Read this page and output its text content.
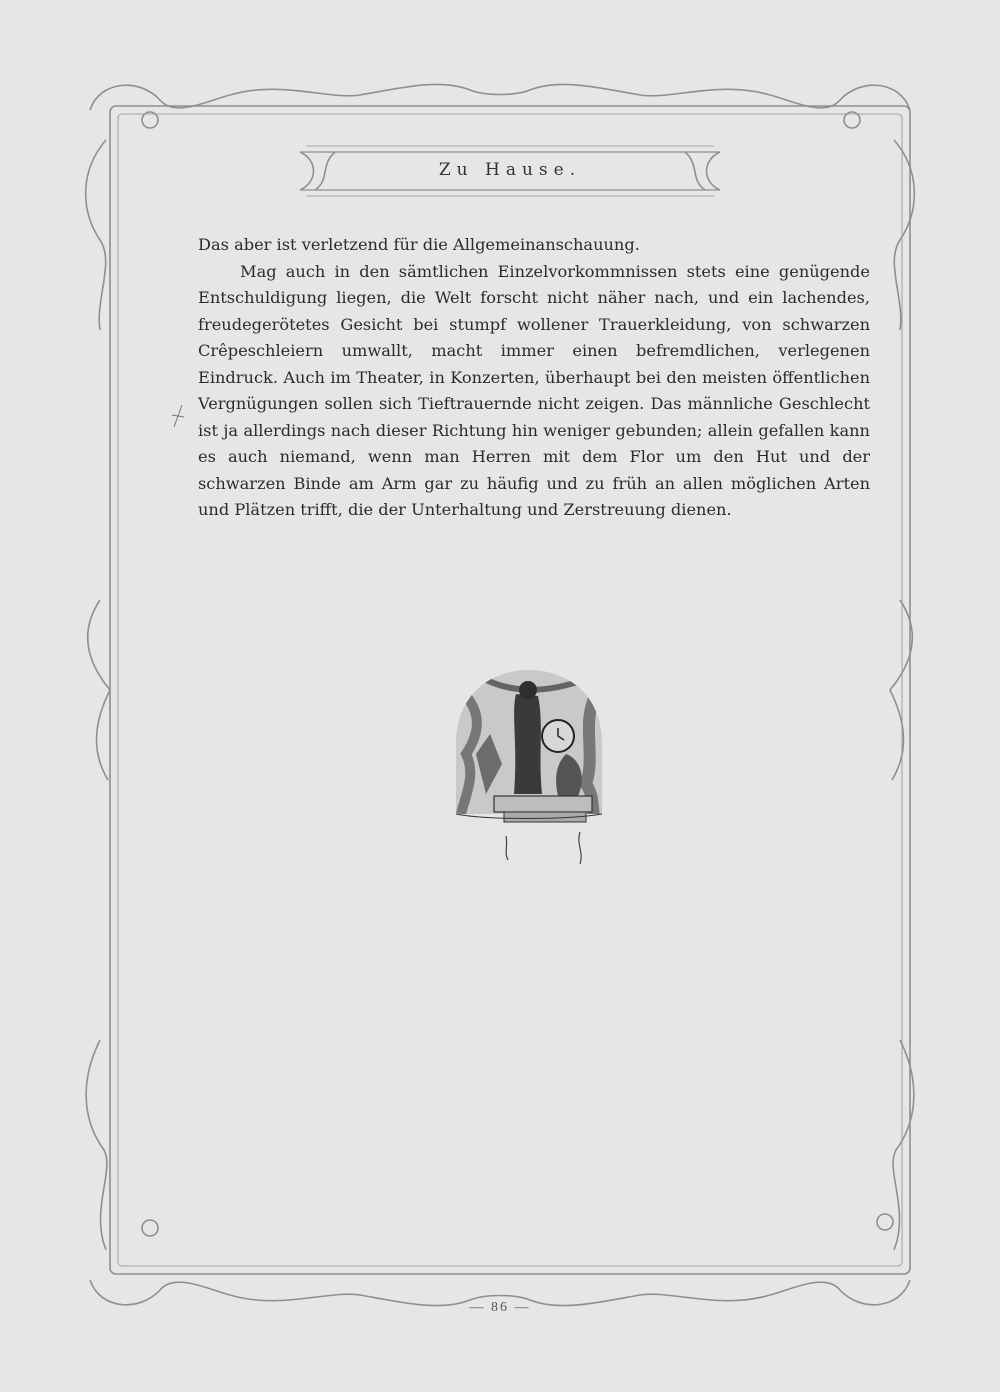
Zu Hause.

Das aber ist verletzend für die Allgemeinanschauung.

Mag auch in den sämtlichen Einzelvorkommnissen stets eine genügende Entschuldigung liegen, die Welt forscht nicht näher nach, und ein lachendes, freudegerötetes Gesicht bei stumpf wollener Trauerkleidung, von schwarzen Crêpeschleiern umwallt, macht immer einen befremdlichen, verlegenen Eindruck. Auch im Theater, in Konzerten, überhaupt bei den meisten öffentlichen Vergnügungen sollen sich Tieftrauernde nicht zeigen. Das männliche Geschlecht ist ja allerdings nach dieser Richtung hin weniger gebunden; allein gefallen kann es auch niemand, wenn man Herren mit dem Flor um den Hut und der schwarzen Binde am Arm gar zu häufig und zu früh an allen möglichen Arten und Plätzen trifft, die der Unterhaltung und Zerstreuung dienen.

— 86 —
